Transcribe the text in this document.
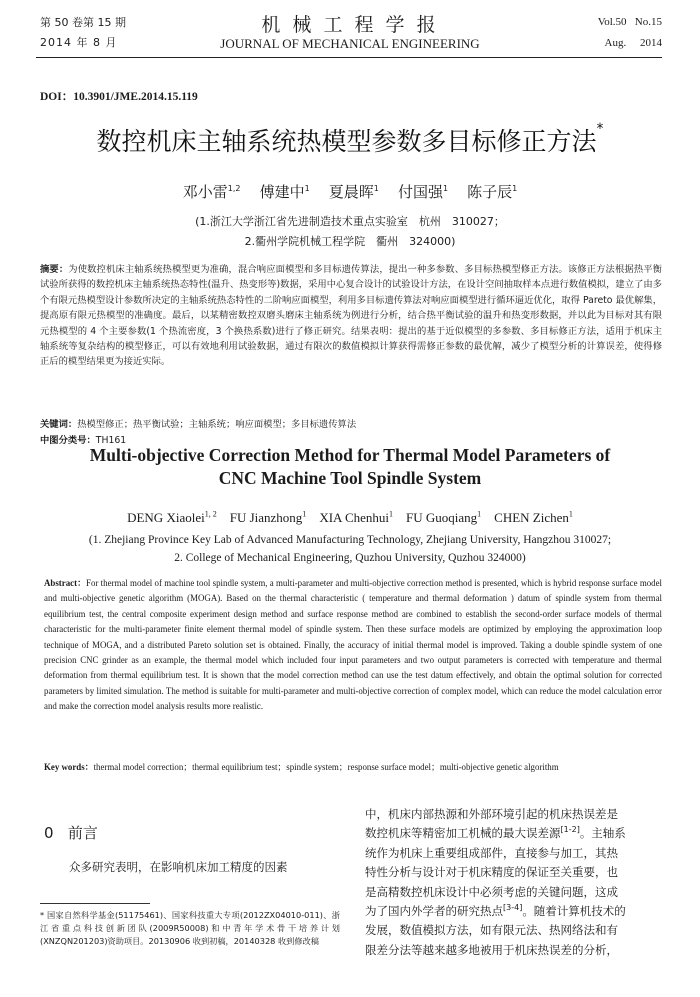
第 50 卷第 15 期
2014 年 8 月
机 械 工 程 学 报
JOURNAL OF MECHANICAL ENGINEERING
Vol.50   No.15
Aug.     2014
DOI：10.3901/JME.2014.15.119
数控机床主轴系统热模型参数多目标修正方法*
邓小雷$^{1,2}$ 傅建中$^1$ 夏晨晖$^1$ 付国强$^1$ 陈子辰$^1$
(1.浙江大学浙江省先进制造技术重点实验室　杭州　310027；
2.衢州学院机械工程学院　衢州　324000)
摘要：为使数控机床主轴系统热模型更为准确，混合响应面模型和多目标遗传算法，提出一种多参数、多目标热模型修正方法。该修正方法根据热平衡试验所获得的数控机床主轴系统热态特性(温升、热变形等)数据，采用中心复合设计的试验设计方法，在设计空间抽取样本点进行数值模拟，建立了由多个有限元热模型设计参数所决定的主轴系统热态特性的二阶响应面模型，利用多目标遗传算法对响应面模型进行循环逼近优化，取得 Pareto 最优解集，提高原有限元热模型的准确度。最后，以某精密数控双磨头磨床主轴系统为例进行分析，结合热平衡试验的温升和热变形数据，并以此为目标对其有限元热模型的 4 个主要参数(1 个热流密度，3 个换热系数)进行了修正研究。结果表明：提出的基于近似模型的多参数、多目标修正方法，适用于机床主轴系统等复杂结构的模型修正，可以有效地利用试验数据，通过有限次的数值模拟计算获得需修正参数的最优解，减少了模型分析的计算误差，使得修正后的模型结果更为接近实际。
关键词：热模型修正；热平衡试验；主轴系统；响应面模型；多目标遗传算法
中图分类号：TH161
Multi-objective Correction Method for Thermal Model Parameters of
CNC Machine Tool Spindle System
DENG Xiaolei$^{1, 2}$ FU Jianzhong$^1$ XIA Chenhui$^1$ FU Guoqiang$^1$ CHEN Zichen$^1$
(1. Zhejiang Province Key Lab of Advanced Manufacturing Technology, Zhejiang University, Hangzhou 310027;
2. College of Mechanical Engineering, Quzhou University, Quzhou 324000)
Abstract：For thermal model of machine tool spindle system, a multi-parameter and multi-objective correction method is presented, which is hybrid response surface model and multi-objective genetic algorithm (MOGA). Based on the thermal characteristic ( temperature and thermal deformation ) datum of spindle system from thermal equilibrium test, the central composite experiment design method and surface response method are combined to establish the second-order surface models of thermal characteristic for the multi-parameter finite element thermal model of spindle system. Then these surface models are optimized by employing the approximation loop technique of MOGA, and a distributed Pareto solution set is obtained. Finally, the accuracy of initial thermal model is improved. Taking a double spindle system of one precision CNC grinder as an example, the thermal model which included four input parameters and two output parameters is corrected with temperature and thermal deformation from thermal equilibrium test. It is shown that the model correction method can use the test datum effectively, and obtain the optimal solution for corrected parameters by limited simulation. The method is suitable for multi-parameter and multi-objective correction of complex model, which can reduce the model calculation error and make the correction model analysis results more realistic.
Key words：thermal model correction；thermal equilibrium test；spindle system；response surface model；multi-objective genetic algorithm
0 前言
众多研究表明，在影响机床加工精度的因素
* 国家自然科学基金(51175461)、国家科技重大专项(2012ZX04010-011)、浙江省重点科技创新团队(2009R50008)和中青年学术骨干培养计划(XNZQN201203)资助项目。20130906 收到初稿，20140328 收到修改稿
中，机床内部热源和外部环境引起的机床热误差是
数控机床等精密加工机械的最大误差源[1-2]。主轴系
统作为机床上重要组成部件，直接参与加工，其热
特性分析与设计对于机床精度的保证至关重要，也
是高精数控机床设计中必须考虑的关键问题，这成
为了国内外学者的研究热点[3-4]。随着计算机技术的
发展，数值模拟方法，如有限元法、热网络法和有
限差分法等越来越多地被用于机床热误差的分析，
